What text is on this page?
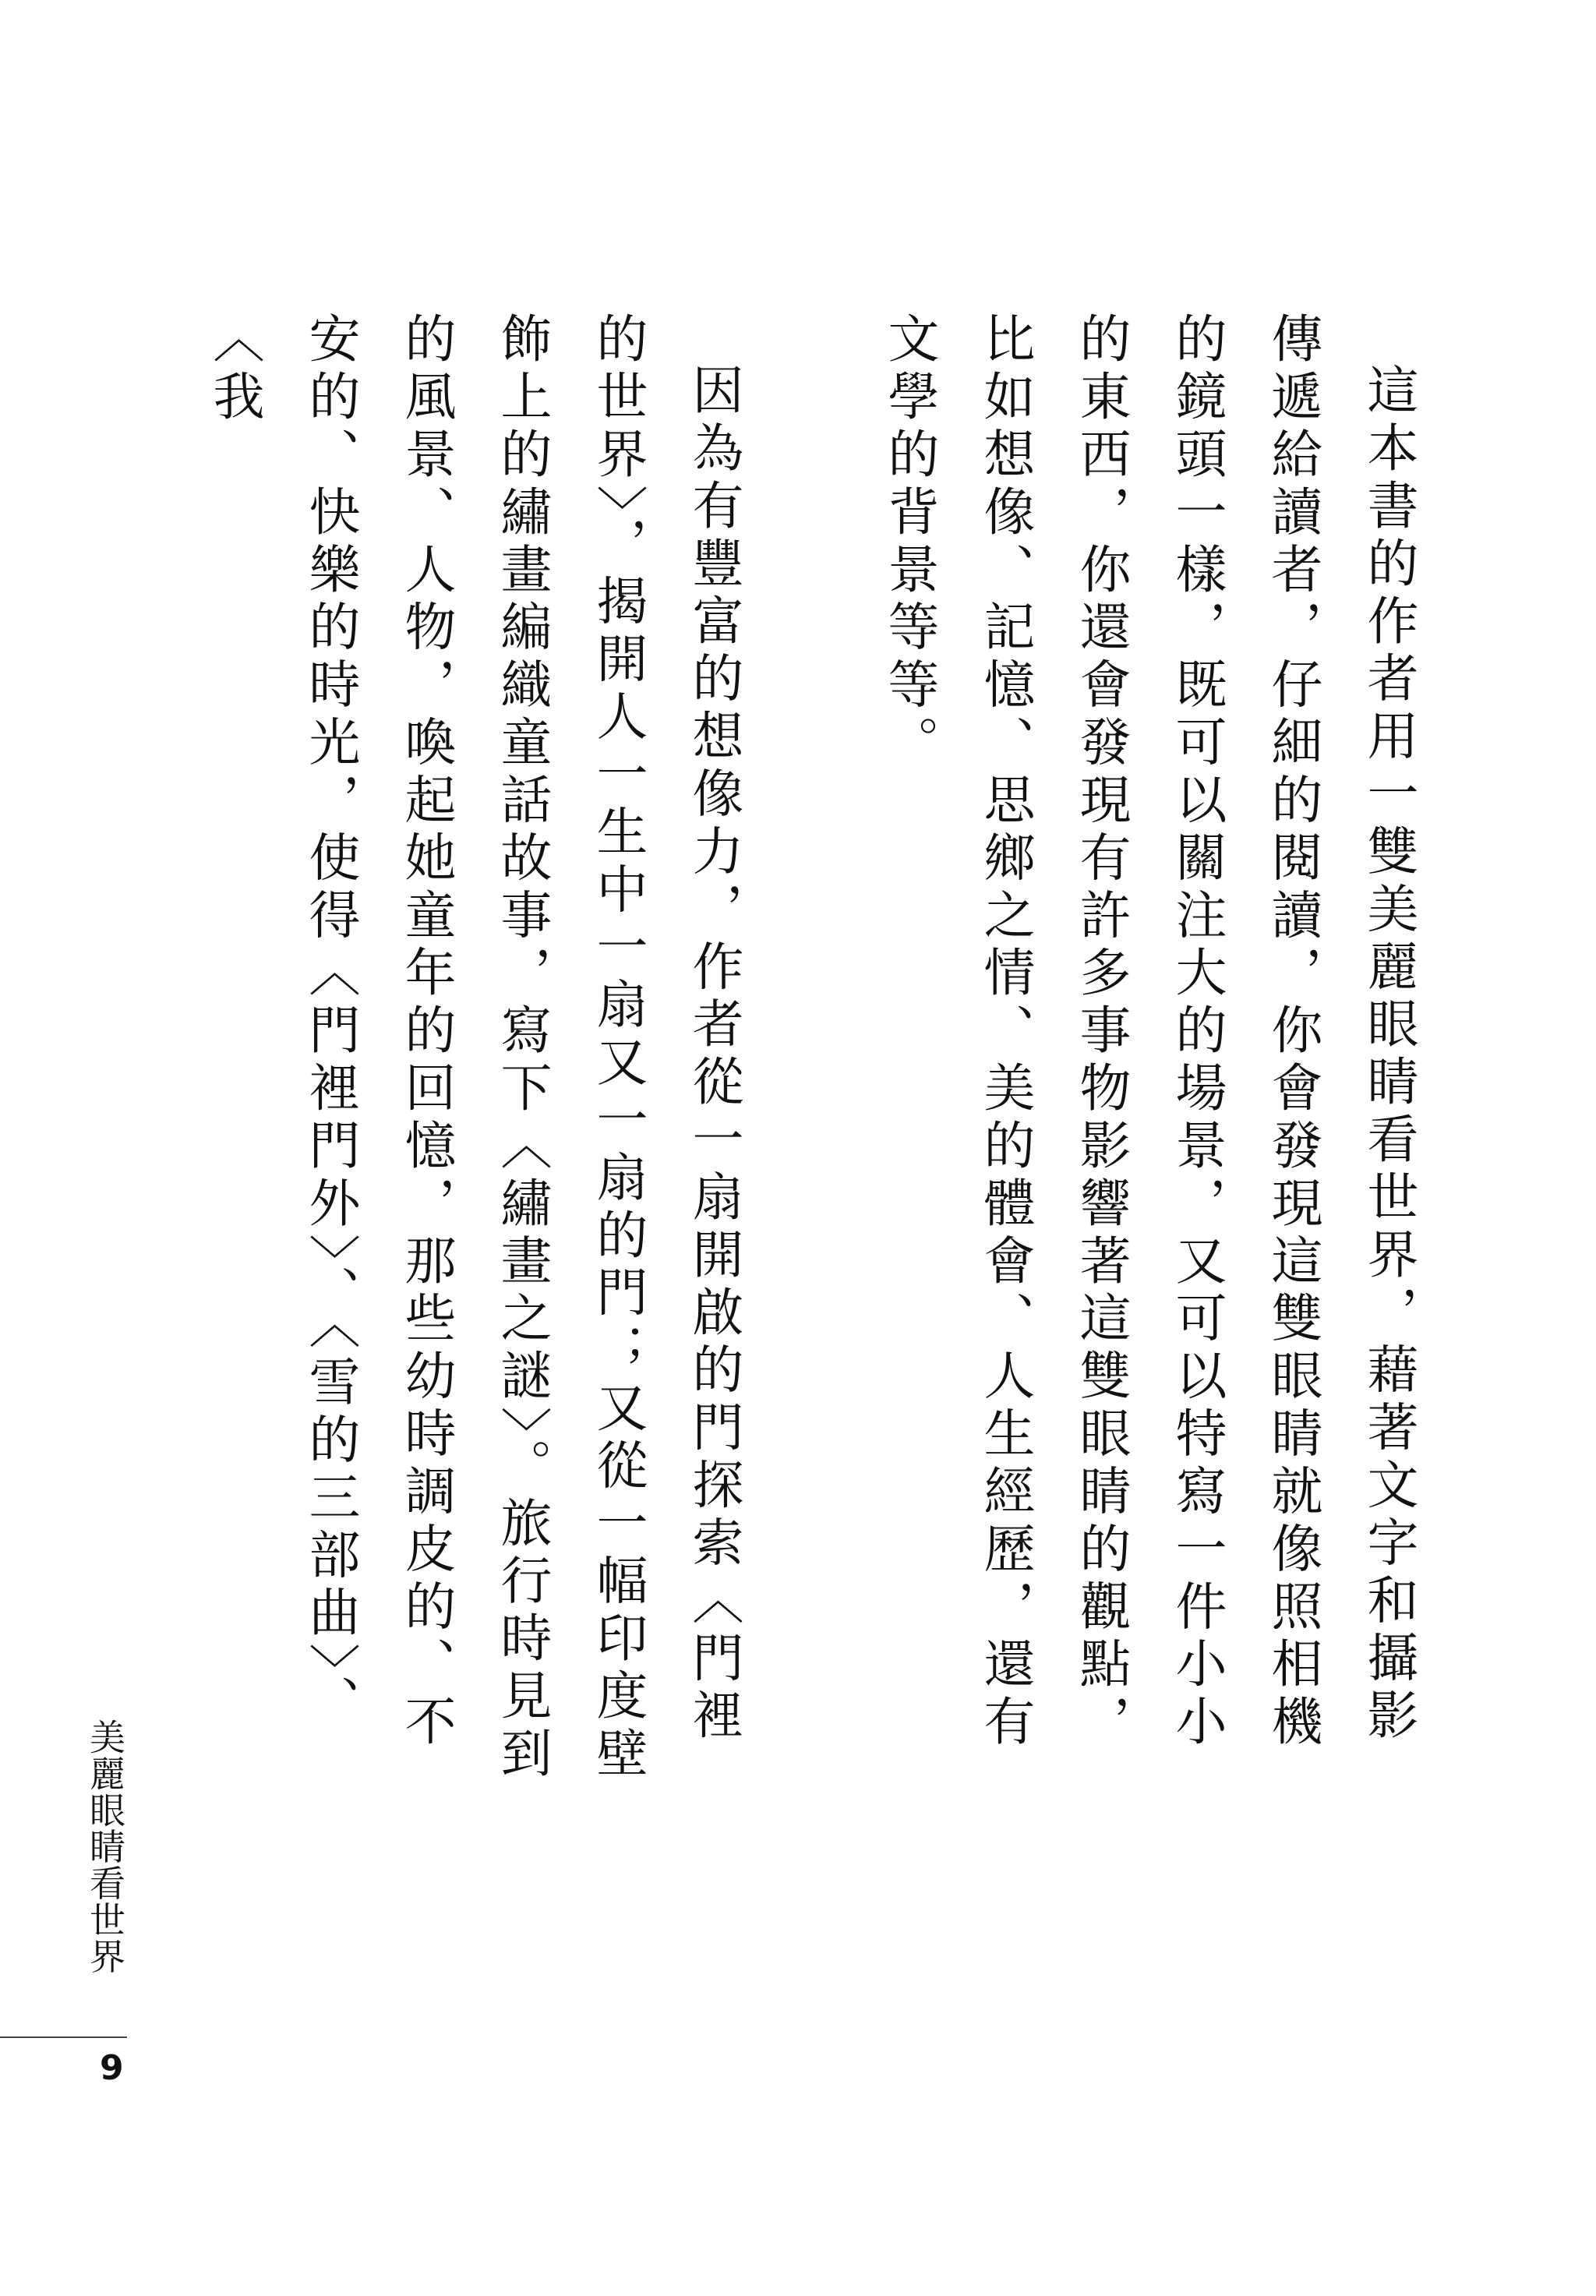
這本書的作者用一雙美麗眼睛看世界，藉著文字和攝影傳遞給讀者，仔細的閱讀，你會發現這雙眼睛就像照相機的鏡頭一樣，既可以關注大的場景，又可以特寫一件小小的東西，你還會發現有許多事物影響著這雙眼睛的觀點，比如想像、記憶、思鄉之情、美的體會、人生經歷，還有文學的背景等等。

因為有豐富的想像力，作者從一扇開啟的門探索〈門裡的世界〉，揭開人一生中一扇又一扇的門；又從一幅印度壁飾上的繡畫編織童話故事，寫下〈繡畫之謎〉。旅行時見到的風景、人物，喚起她童年的回憶，那些幼時調皮的、不安的、快樂的時光，使得〈門裡門外〉、〈雪的三部曲〉、〈我

美麗眼睛看世界
9
